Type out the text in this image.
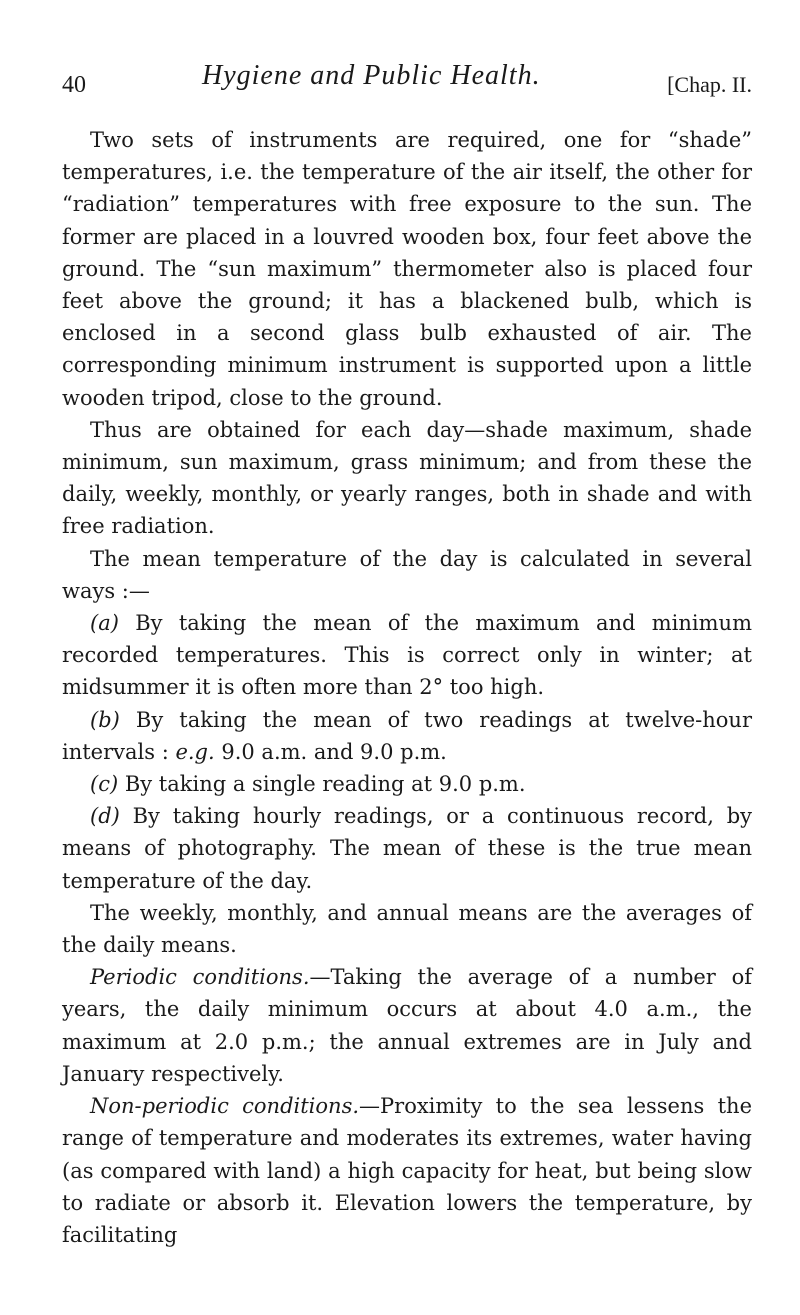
40	Hygiene and Public Health.	[Chap. II.

Two sets of instruments are required, one for “shade” temperatures, i.e. the temperature of the air itself, the other for “radiation” temperatures with free exposure to the sun. The former are placed in a louvred wooden box, four feet above the ground. The “sun maximum” thermometer also is placed four feet above the ground; it has a blackened bulb, which is enclosed in a second glass bulb exhausted of air. The corresponding minimum instrument is supported upon a little wooden tripod, close to the ground.

Thus are obtained for each day—shade maximum, shade minimum, sun maximum, grass minimum; and from these the daily, weekly, monthly, or yearly ranges, both in shade and with free radiation.

The mean temperature of the day is calculated in several ways :—

(a) By taking the mean of the maximum and minimum recorded temperatures. This is correct only in winter; at midsummer it is often more than 2° too high.

(b) By taking the mean of two readings at twelve-hour intervals : e.g. 9.0 a.m. and 9.0 p.m.

(c) By taking a single reading at 9.0 p.m.

(d) By taking hourly readings, or a continuous record, by means of photography. The mean of these is the true mean temperature of the day.

The weekly, monthly, and annual means are the averages of the daily means.

Periodic conditions.—Taking the average of a number of years, the daily minimum occurs at about 4.0 a.m., the maximum at 2.0 p.m.; the annual extremes are in July and January respectively.

Non-periodic conditions.—Proximity to the sea lessens the range of temperature and moderates its extremes, water having (as compared with land) a high capacity for heat, but being slow to radiate or absorb it. Elevation lowers the temperature, by facilitating
